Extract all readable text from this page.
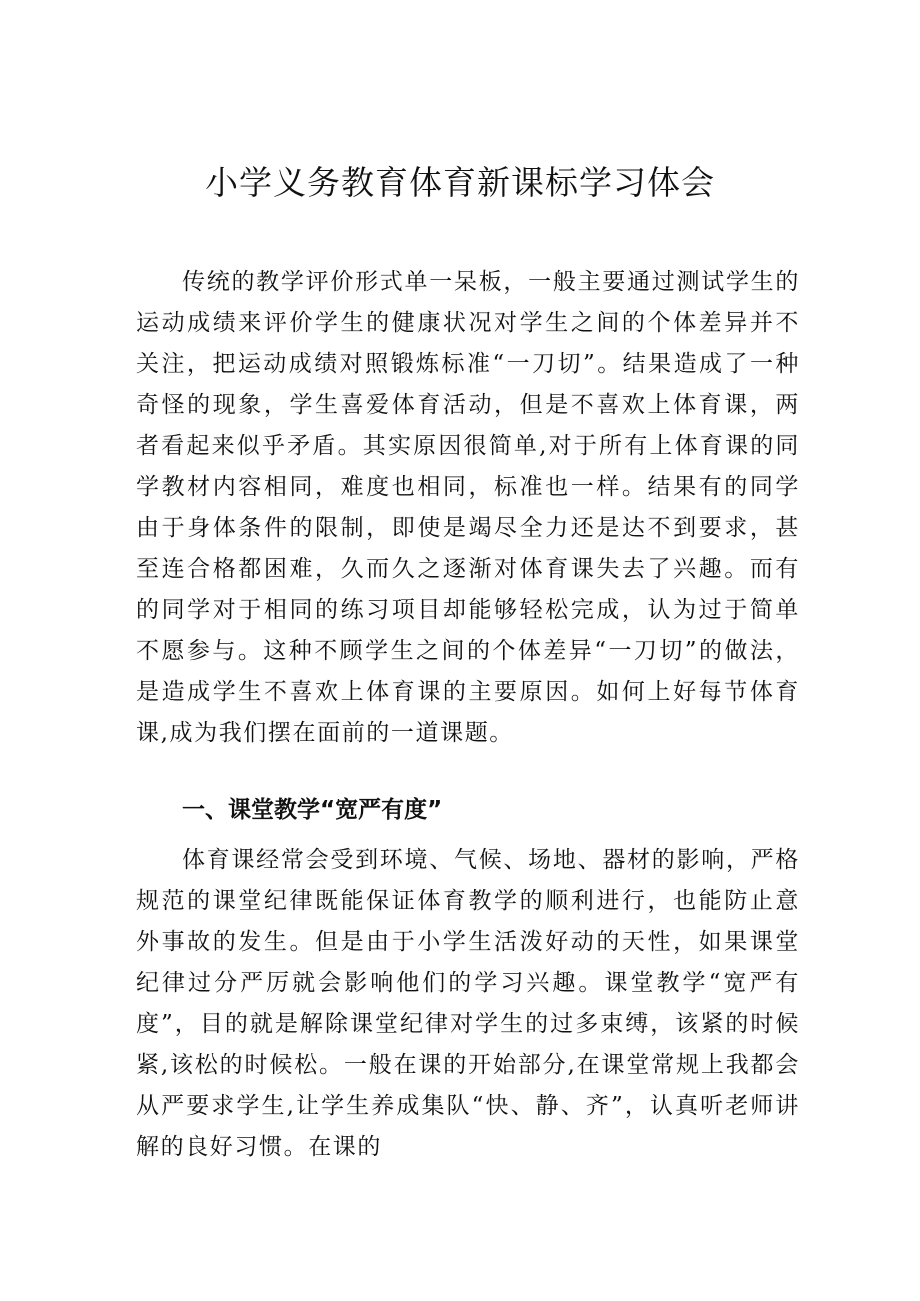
小学义务教育体育新课标学习体会

传统的教学评价形式单一呆板，一般主要通过测试学生的运动成绩来评价学生的健康状况对学生之间的个体差异并不关注，把运动成绩对照锻炼标准“一刀切”。结果造成了一种奇怪的现象，学生喜爱体育活动，但是不喜欢上体育课，两者看起来似乎矛盾。其实原因很简单,对于所有上体育课的同学教材内容相同，难度也相同，标准也一样。结果有的同学由于身体条件的限制，即使是竭尽全力还是达不到要求，甚至连合格都困难，久而久之逐渐对体育课失去了兴趣。而有的同学对于相同的练习项目却能够轻松完成，认为过于简单不愿参与。这种不顾学生之间的个体差异“一刀切”的做法，是造成学生不喜欢上体育课的主要原因。如何上好每节体育课,成为我们摆在面前的一道课题。

一、课堂教学“宽严有度”

体育课经常会受到环境、气候、场地、器材的影响，严格规范的课堂纪律既能保证体育教学的顺利进行，也能防止意外事故的发生。但是由于小学生活泼好动的天性，如果课堂纪律过分严厉就会影响他们的学习兴趣。课堂教学“宽严有度”，目的就是解除课堂纪律对学生的过多束缚，该紧的时候紧,该松的时候松。一般在课的开始部分,在课堂常规上我都会从严要求学生,让学生养成集队“快、静、齐”，认真听老师讲解的良好习惯。在课的
